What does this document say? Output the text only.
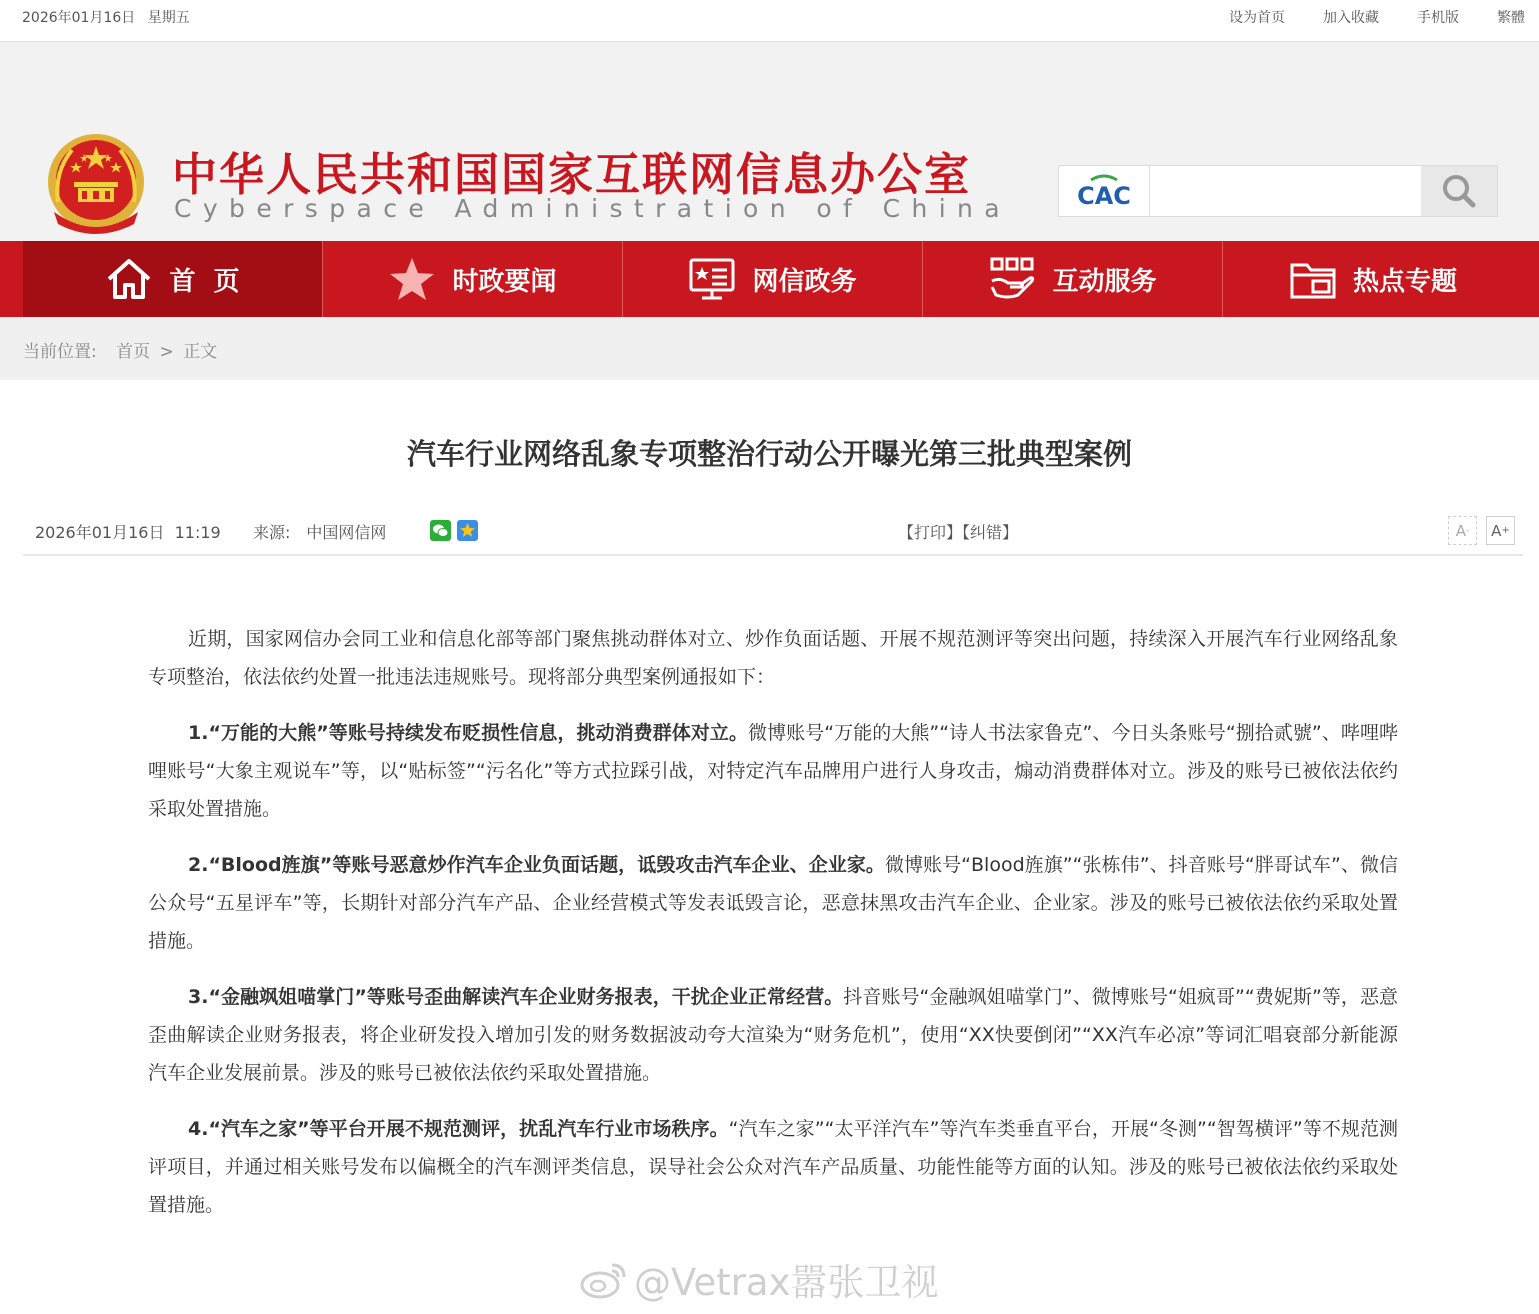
2026年01月16日 星期五	设为首页	加入收藏	手机版	繁體
中华人民共和国国家互联网信息办公室
Cyberspace Administration of China	CAC
首  页	时政要闻	网信政务	互动服务	热点专题
当前位置: 首页 > 正文
汽车行业网络乱象专项整治行动公开曝光第三批典型案例
2026年01月16日  11:19 来源: 中国网信网	【打印】【纠错】	A - A +

近期，国家网信办会同工业和信息化部等部门聚焦挑动群体对立、炒作负面话题、开展不规范测评等突出问题，持续深入开展汽车行业网络乱象专项整治，依法依约处置一批违法违规账号。现将部分典型案例通报如下：

1.“万能的大熊”等账号持续发布贬损性信息，挑动消费群体对立。微博账号“万能的大熊”“诗人书法家鲁克”、今日头条账号“捌拾贰號”、哔哩哔哩账号“大象主观说车”等，以“贴标签”“污名化”等方式拉踩引战，对特定汽车品牌用户进行人身攻击，煽动消费群体对立。涉及的账号已被依法依约采取处置措施。

2.“Blood旌旗”等账号恶意炒作汽车企业负面话题，诋毁攻击汽车企业、企业家。微博账号“Blood旌旗”“张栋伟”、抖音账号“胖哥试车”、微信公众号“五星评车”等，长期针对部分汽车产品、企业经营模式等发表诋毁言论，恶意抹黑攻击汽车企业、企业家。涉及的账号已被依法依约采取处置措施。

3.“金融飒姐喵掌门”等账号歪曲解读汽车企业财务报表，干扰企业正常经营。抖音账号“金融飒姐喵掌门”、微博账号“姐疯哥”“费妮斯”等，恶意歪曲解读企业财务报表，将企业研发投入增加引发的财务数据波动夸大渲染为“财务危机”，使用“XX快要倒闭”“XX汽车必凉”等词汇唱衰部分新能源汽车企业发展前景。涉及的账号已被依法依约采取处置措施。

4.“汽车之家”等平台开展不规范测评，扰乱汽车行业市场秩序。“汽车之家”“太平洋汽车”等汽车类垂直平台，开展“冬测”“智驾横评”等不规范测评项目，并通过相关账号发布以偏概全的汽车测评类信息，误导社会公众对汽车产品质量、功能性能等方面的认知。涉及的账号已被依法依约采取处置措施。

@Vetrax嚣张卫视
